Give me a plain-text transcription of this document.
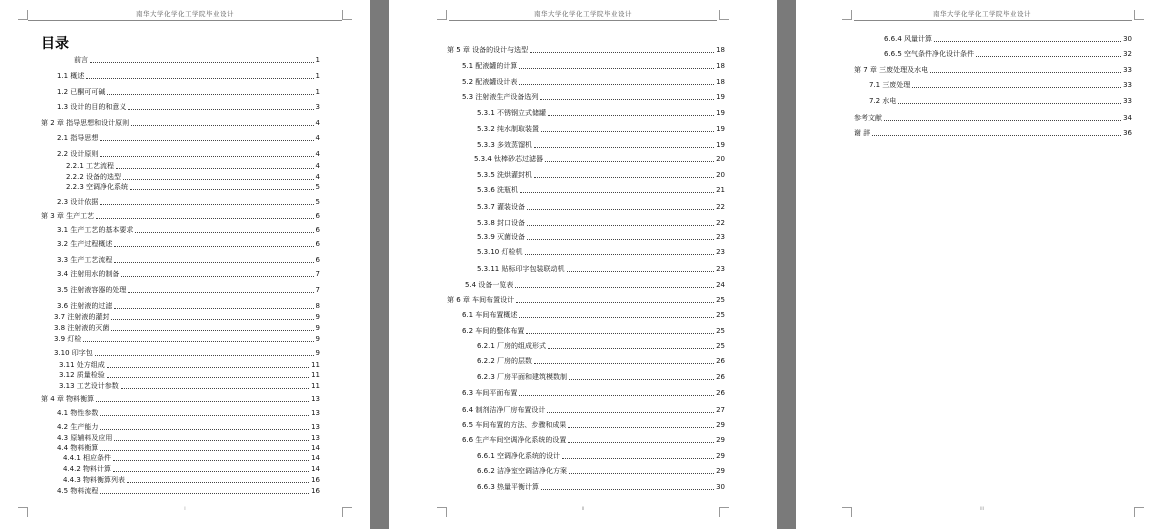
南华大学化学化工学院毕业设计
目录
前言	1
1.1 概述	1
1.2 已酮可可碱	1
1.3 设计的目的和意义	3
第 2 章 指导思想和设计原则	4
2.1 指导思想	4
2.2 设计原则	4
2.2.1 工艺流程	4
2.2.2 设备的选型	4
2.2.3 空调净化系统	5
2.3 设计依据	5
第 3 章 生产工艺	6
3.1 生产工艺的基本要求	6
3.2 生产过程概述	6
3.3 生产工艺流程	6
3.4 注射用水的制备	7
3.5 注射液容器的处理	7
3.6 注射液的过滤	8
3.7 注射液的灌封	9
3.8 注射液的灭菌	9
3.9 灯检	9
3.10 印字包	9
3.11 处方组成	11
3.12 质量检验	11
3.13 工艺设计参数	11
第 4 章 物料衡算	13
4.1 物性参数	13
4.2 生产能力	13
4.3 原辅料及应用	13
4.4 物料衡算	14
4.4.1 相应条件	14
4.4.2 物料计算	14
4.4.3 物料衡算列表	16
4.5 物料流程	16
I
南华大学化学化工学院毕业设计
第 5 章 设备的设计与选型	18
5.1 配液罐的计算	18
5.2 配液罐设计表	18
5.3 注射液生产设备选列	19
5.3.1 不锈钢立式储罐	19
5.3.2 纯水制取装置	19
5.3.3 多效蒸馏机	19
5.3.4 钛棒砂芯过滤器	20
5.3.5 洗烘灌封机	20
5.3.6 洗瓶机	21
5.3.7 灌装设备	22
5.3.8 封口设备	22
5.3.9 灭菌设备	23
5.3.10 灯检机	23
5.3.11 贴标印字包装联动机	23
5.4 设备一览表	24
第 6 章 车间布置设计	25
6.1 车间布置概述	25
6.2 车间的整体布置	25
6.2.1 厂房的组成形式	25
6.2.2 厂房的层数	26
6.2.3 厂房平面和建筑模数制	26
6.3 车间平面布置	26
6.4 制剂洁净厂房布置设计	27
6.5 车间布置的方法、步骤和成果	29
6.6 生产车间空调净化系统的设置	29
6.6.1 空调净化系统的设计	29
6.6.2 洁净室空调洁净化方案	29
6.6.3 热量平衡计算	30
II
南华大学化学化工学院毕业设计
6.6.4 风量计算	30
6.6.5 空气条件净化设计条件	32
第 7 章 三废处理及水电	33
7.1 三废处理	33
7.2 水电	33
参考文献	34
谢 辞	36
III
